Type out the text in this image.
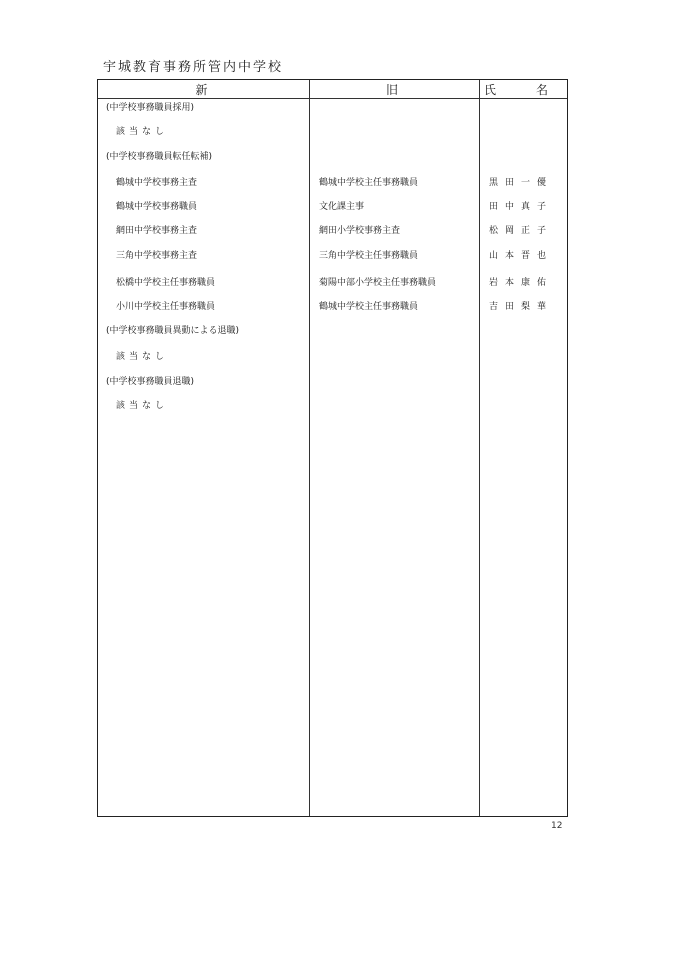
宇城教育事務所管内中学校
新	旧	氏　名
(中学校事務職員採用)
該当なし
(中学校事務職員転任転補)
鶴城中学校事務主査	鶴城中学校主任事務職員	黒田一優
鶴城中学校事務職員	文化課主事	田中真子
網田中学校事務主査	網田小学校事務主査	松岡正子
三角中学校事務主査	三角中学校主任事務職員	山本晋也
松橋中学校主任事務職員	菊陽中部小学校主任事務職員	岩本康佑
小川中学校主任事務職員	鶴城中学校主任事務職員	吉田梨華
(中学校事務職員異動による退職)
該当なし
(中学校事務職員退職)
該当なし
12
